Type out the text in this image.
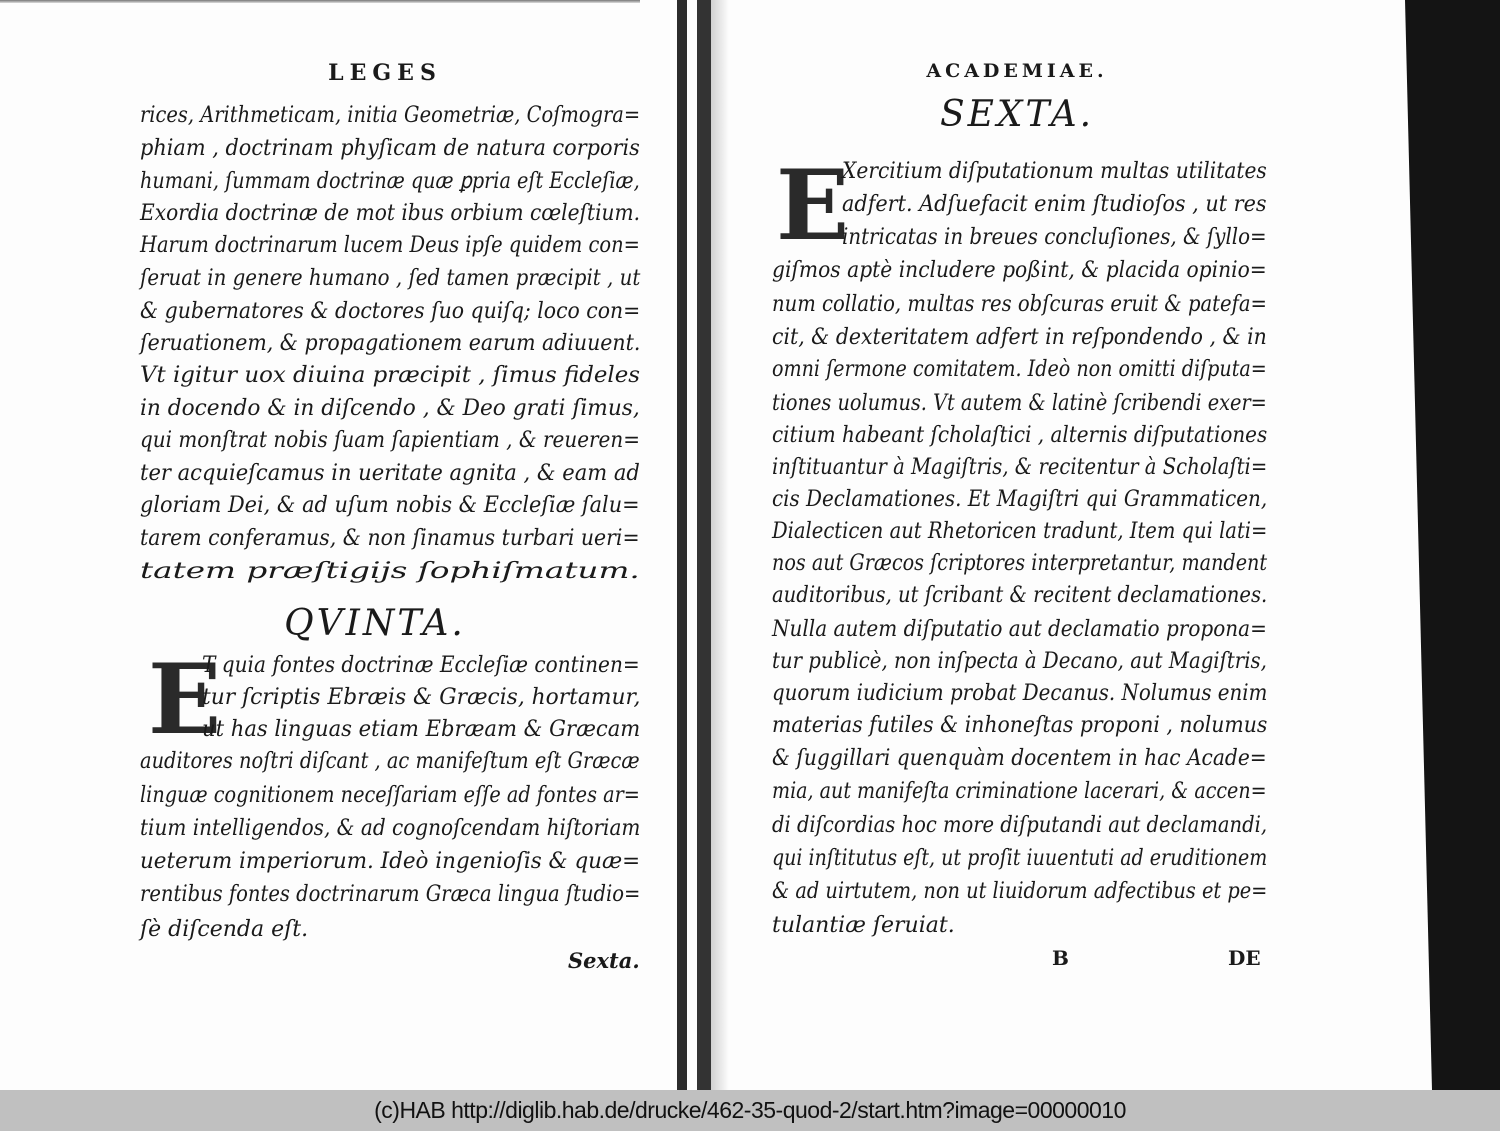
LEGES
rices, Arithmeticam, initia Geometriæ, Coſmogra=
phiam , doctrinam phyſicam de natura corporis
humani, ſummam doctrinæ quæ ꝑpria eſt Eccleſiæ,
Exordia doctrinæ de mot ibus orbium cœleſtium.
Harum doctrinarum lucem Deus ipſe quidem con=
ſeruat in genere humano , ſed tamen præcipit , ut
& gubernatores & doctores ſuo quiſq; loco con=
ſeruationem, & propagationem earum adiuuent.
Vt igitur uox diuina præcipit , ſimus fideles
in docendo & in diſcendo , & Deo grati ſimus,
qui monſtrat nobis ſuam ſapientiam , & reueren=
ter acquieſcamus in ueritate agnita , & eam ad
gloriam Dei, & ad uſum nobis & Eccleſiæ ſalu=
tarem conferamus, & non ſinamus turbari ueri=
tatem præſtigijs ſophiſmatum.
QVINTA.
E
T quia fontes doctrinæ Eccleſiæ continen=
tur ſcriptis Ebræis & Græcis, hortamur,
ut has linguas etiam Ebræam & Græcam
auditores noſtri diſcant , ac manifeſtum eſt Græcæ
linguæ cognitionem neceſſariam eſſe ad fontes ar=
tium intelligendos, & ad cognoſcendam hiſtoriam
ueterum imperiorum. Ideò ingenioſis & quæ=
rentibus fontes doctrinarum Græca lingua ſtudio=
ſè diſcenda eſt.
Sexta.
ACADEMIAE.
SEXTA.
E
Xercitium diſputationum multas utilitates
adfert. Adſuefacit enim ſtudioſos , ut res
intricatas in breues concluſiones, & ſyllo=
giſmos aptè includere poßint, & placida opinio=
num collatio, multas res obſcuras eruit & patefa=
cit, & dexteritatem adfert in reſpondendo , & in
omni ſermone comitatem. Ideò non omitti diſputa=
tiones uolumus. Vt autem & latinè ſcribendi exer=
citium habeant ſcholaſtici , alternis diſputationes
inſtituantur à Magiſtris, & recitentur à Scholaſti=
cis Declamationes. Et Magiſtri qui Grammaticen,
Dialecticen aut Rhetoricen tradunt, Item qui lati=
nos aut Græcos ſcriptores interpretantur, mandent
auditoribus, ut ſcribant & recitent declamationes.
Nulla autem diſputatio aut declamatio propona=
tur publicè, non inſpecta à Decano, aut Magiſtris,
quorum iudicium probat Decanus. Nolumus enim
materias futiles & inhoneſtas proponi , nolumus
& ſuggillari quenquàm docentem in hac Acade=
mia, aut manifeſta criminatione lacerari, & accen=
di diſcordias hoc more diſputandi aut declamandi,
qui inſtitutus eſt, ut proſit iuuentuti ad eruditionem
& ad uirtutem, non ut liuidorum adfectibus et pe=
tulantiæ ſeruiat.
B	DE
(c)HAB http://diglib.hab.de/drucke/462-35-quod-2/start.htm?image=00000010
